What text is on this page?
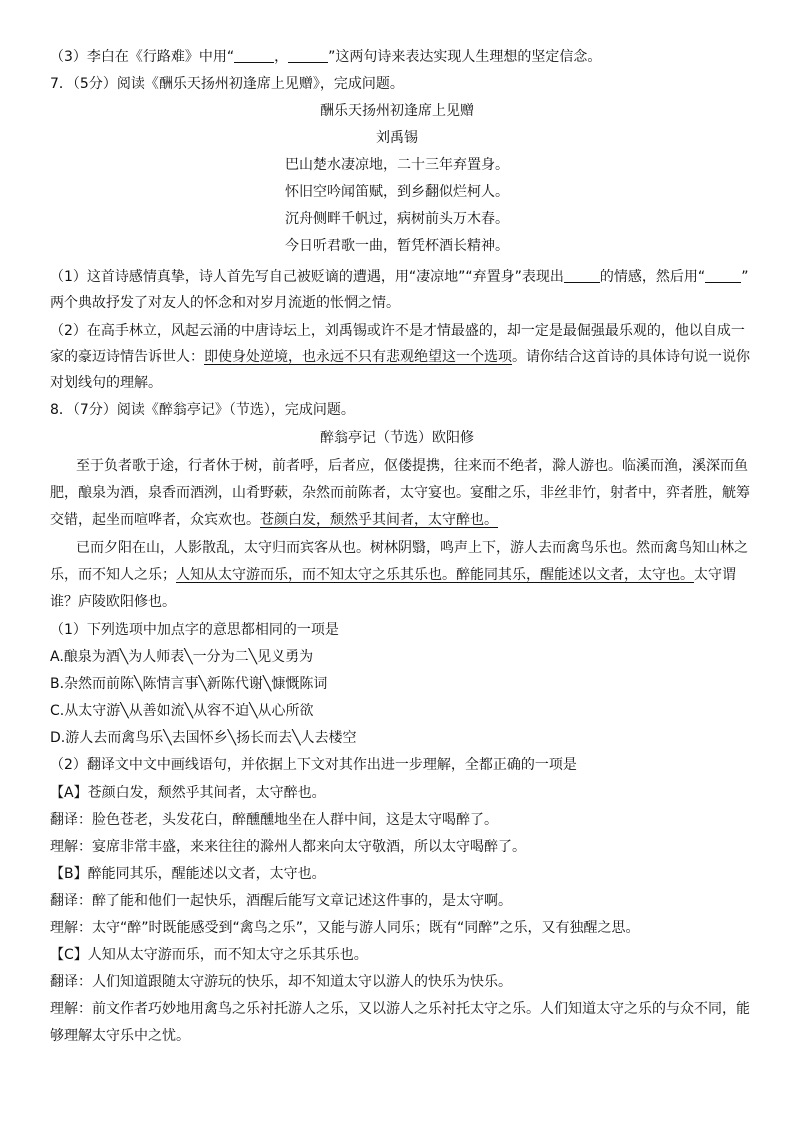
（3）李白在《行路难》中用“	，	”这两句诗来表达实现人生理想的坚定信念。
7．（5分）阅读《酬乐天扬州初逢席上见赠》，完成问题。
酬乐天扬州初逢席上见赠
刘禹锡
巴山楚水凄凉地，二十三年弃置身。
怀旧空吟闻笛赋，到乡翻似烂柯人。
沉舟侧畔千帆过，病树前头万木春。
今日听君歌一曲，暂凭杯酒长精神。
（1）这首诗感情真挚，诗人首先写自己被贬谪的遭遇，用“凄凉地”“弃置身”表现出	的情感，然后用“	”
两个典故抒发了对友人的怀念和对岁月流逝的怅惘之情。
（2）在高手林立，风起云涌的中唐诗坛上，刘禹锡或许不是才情最盛的，却一定是最倔强最乐观的，他以自成一
家的豪迈诗情告诉世人：即使身处逆境，也永远不只有悲观绝望这一个选项。请你结合这首诗的具体诗句说一说你
对划线句的理解。
8．（7分）阅读《醉翁亭记》（节选），完成问题。
醉翁亭记（节选）欧阳修
至于负者歌于途，行者休于树，前者呼，后者应，伛偻提携，往来而不绝者，滁人游也。临溪而渔，溪深而鱼
肥，酿泉为酒，泉香而酒洌，山肴野蔌，杂然而前陈者，太守宴也。宴酣之乐，非丝非竹，射者中，弈者胜，觥筹
交错，起坐而喧哗者，众宾欢也。苍颜白发，颓然乎其间者，太守醉也。
已而夕阳在山，人影散乱，太守归而宾客从也。树林阴翳，鸣声上下，游人去而禽鸟乐也。然而禽鸟知山林之
乐，而不知人之乐；人知从太守游而乐，而不知太守之乐其乐也。醉能同其乐，醒能述以文者，太守也。太守谓
谁？庐陵欧阳修也。
（1）下列选项中加点字的意思都相同的一项是
A.酿泉为酒╲为人师表╲一分为二╲见义勇为
B.杂然而前陈╲陈情言事╲新陈代谢╲慷慨陈词
C.从太守游╲从善如流╲从容不迫╲从心所欲
D.游人去而禽鸟乐╲去国怀乡╲扬长而去╲人去楼空
（2）翻译文中文中画线语句，并依据上下文对其作出进一步理解，全都正确的一项是
【A】苍颜白发，颓然乎其间者，太守醉也。
翻译：脸色苍老，头发花白，醉醺醺地坐在人群中间，这是太守喝醉了。
理解：宴席非常丰盛，来来往往的滁州人都来向太守敬酒，所以太守喝醉了。
【B】醉能同其乐，醒能述以文者，太守也。
翻译：醉了能和他们一起快乐，酒醒后能写文章记述这件事的，是太守啊。
理解：太守“醉”时既能感受到“禽鸟之乐”，又能与游人同乐；既有“同醉”之乐，又有独醒之思。
【C】人知从太守游而乐，而不知太守之乐其乐也。
翻译：人们知道跟随太守游玩的快乐，却不知道太守以游人的快乐为快乐。
理解：前文作者巧妙地用禽鸟之乐衬托游人之乐，又以游人之乐衬托太守之乐。人们知道太守之乐的与众不同，能
够理解太守乐中之忧。
